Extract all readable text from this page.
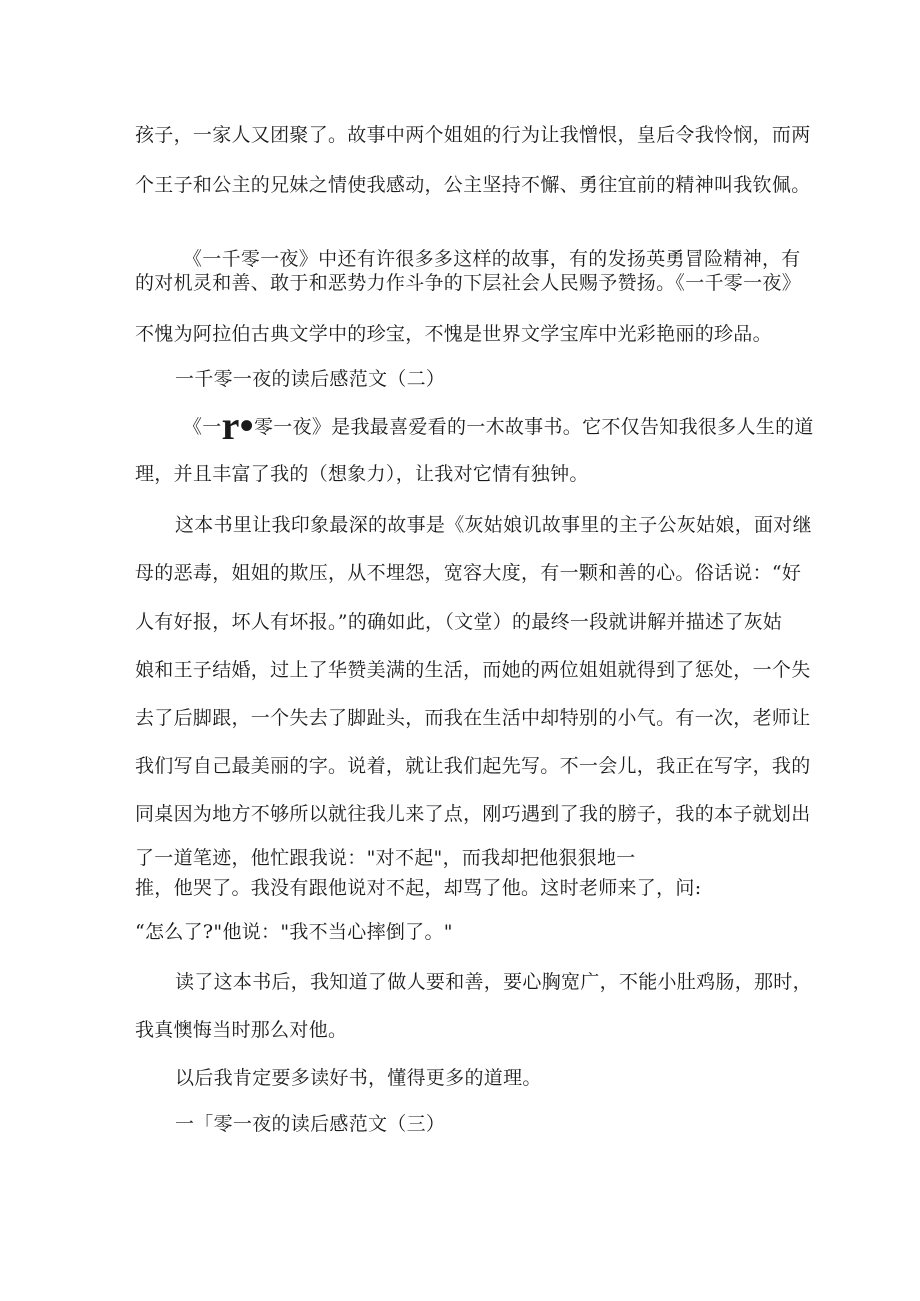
孩子，一家人又团聚了。故事中两个姐姐的行为让我憎恨，皇后令我怜悯，而两
个王子和公主的兄妹之情使我感动，公主坚持不懈、勇往宜前的精神叫我钦佩。
《一千零一夜》中还有许很多多这样的故事，有的发扬英勇冒险精神，有
的对机灵和善、敢于和恶势力作斗争的下层社会人民赐予赞扬。《一千零一夜》
不愧为阿拉伯古典文学中的珍宝，不愧是世界文学宝库中光彩艳丽的珍品。
一千零一夜的读后感范文（二）
《一r•零一夜》是我最喜爱看的一木故事书。它不仅告知我很多人生的道
理，并且丰富了我的（想象力），让我对它情有独钟。
这本书里让我印象最深的故事是《灰姑娘讥故事里的主子公灰姑娘，面对继
母的恶毒，姐姐的欺压，从不埋怨，宽容大度，有一颗和善的心。俗话说：“好
人有好报，坏人有坏报。”的确如此，（文堂）的最终一段就讲解并描述了灰姑
娘和王子结婚，过上了华赞美满的生活，而她的两位姐姐就得到了惩处，一个失
去了后脚跟，一个失去了脚趾头，而我在生活中却特别的小气。有一次，老师让
我们写自己最美丽的字。说着，就让我们起先写。不一会儿，我正在写字，我的
同桌因为地方不够所以就往我儿来了点，刚巧遇到了我的膀子，我的本子就划出
了一道笔迹，他忙跟我说："对不起"，而我却把他狠狠地一
推，他哭了。我没有跟他说对不起，却骂了他。这时老师来了，问:
“怎么了?"他说："我不当心摔倒了。"
读了这本书后，我知道了做人要和善，要心胸宽广，不能小肚鸡肠，那时，
我真懊悔当时那么对他。
以后我肯定要多读好书，懂得更多的道理。
一「零一夜的读后感范文（三）
